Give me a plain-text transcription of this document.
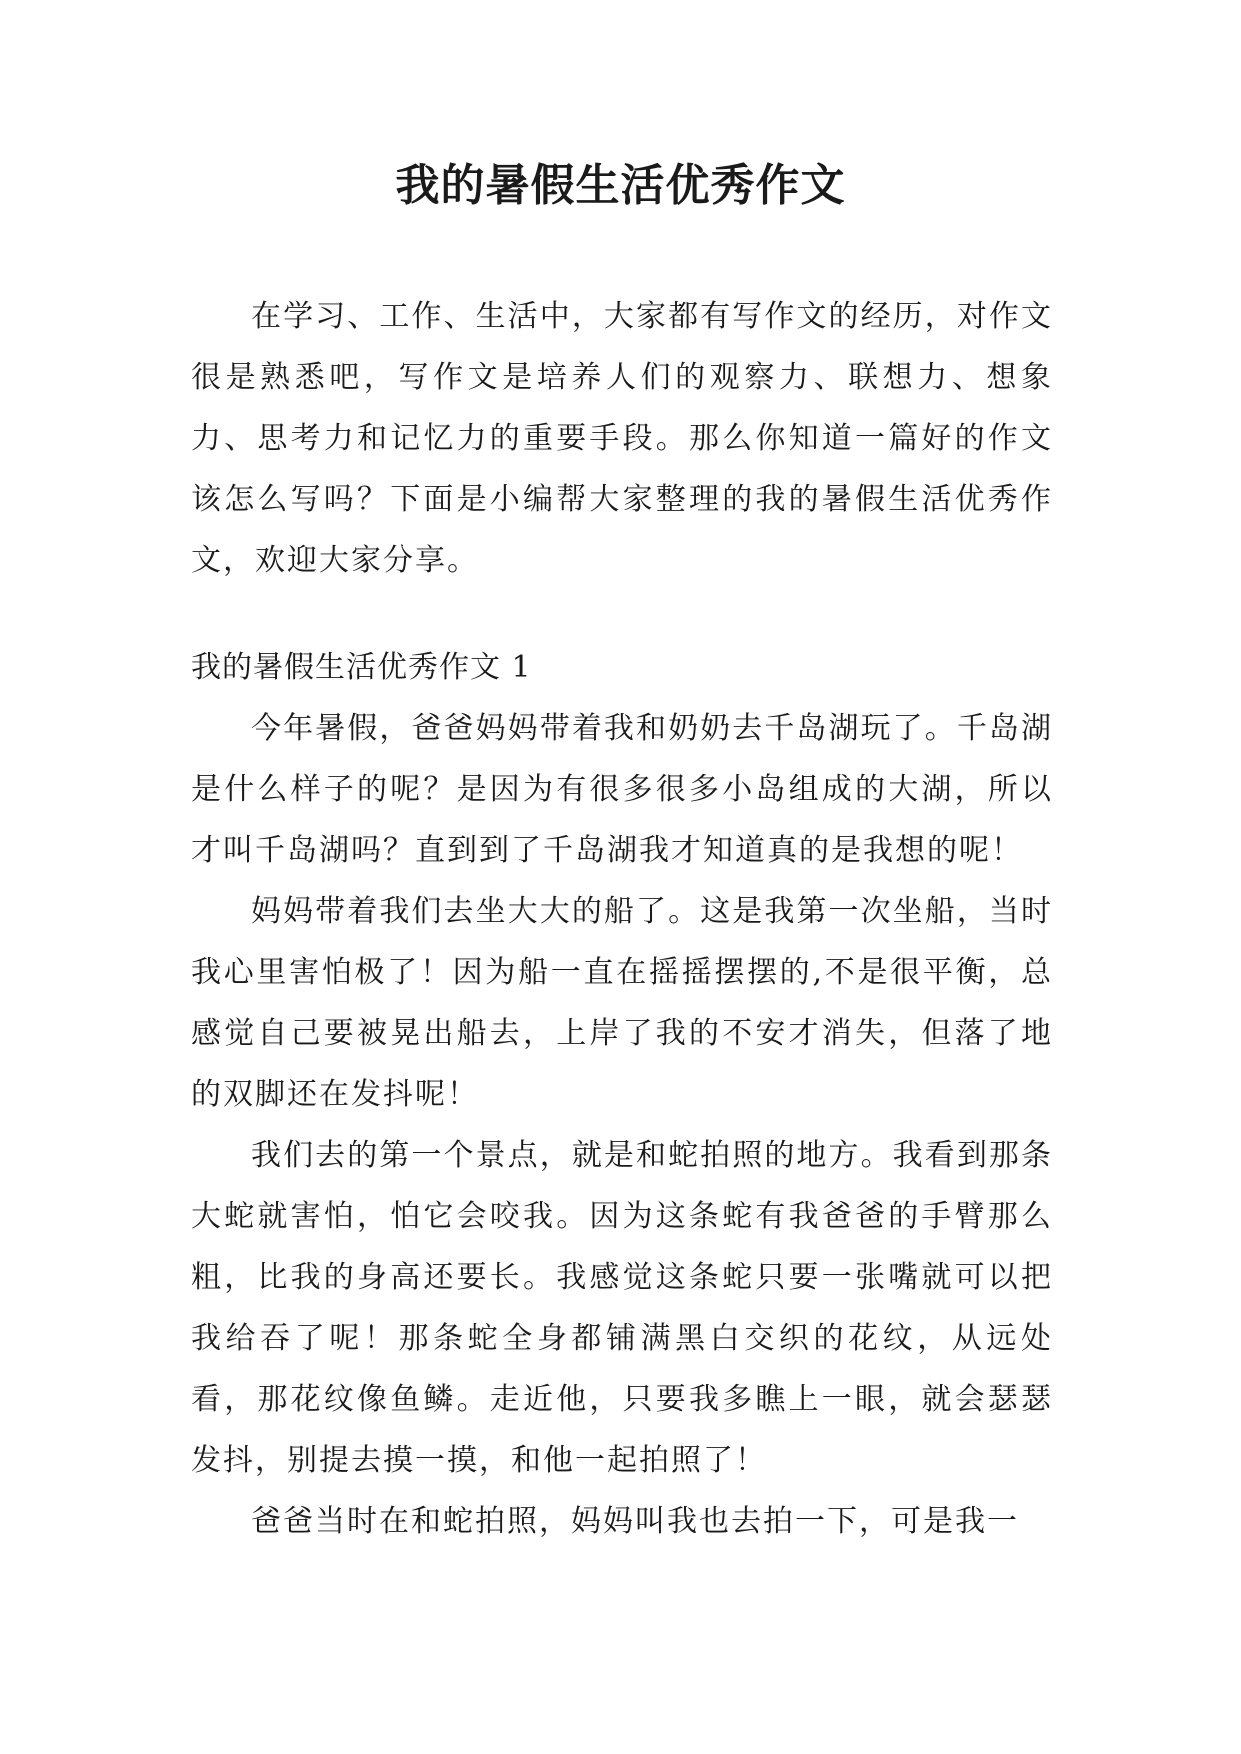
我的暑假生活优秀作文

在学习、工作、生活中，大家都有写作文的经历，对作文很是熟悉吧，写作文是培养人们的观察力、联想力、想象力、思考力和记忆力的重要手段。那么你知道一篇好的作文该怎么写吗？下面是小编帮大家整理的我的暑假生活优秀作文，欢迎大家分享。

我的暑假生活优秀作文 1

今年暑假，爸爸妈妈带着我和奶奶去千岛湖玩了。千岛湖是什么样子的呢？是因为有很多很多小岛组成的大湖，所以才叫千岛湖吗？直到到了千岛湖我才知道真的是我想的呢！

妈妈带着我们去坐大大的船了。这是我第一次坐船，当时我心里害怕极了！因为船一直在摇摇摆摆的,不是很平衡，总感觉自己要被晃出船去，上岸了我的不安才消失，但落了地的双脚还在发抖呢！

我们去的第一个景点，就是和蛇拍照的地方。我看到那条大蛇就害怕，怕它会咬我。因为这条蛇有我爸爸的手臂那么粗，比我的身高还要长。我感觉这条蛇只要一张嘴就可以把我给吞了呢！那条蛇全身都铺满黑白交织的花纹，从远处看，那花纹像鱼鳞。走近他，只要我多瞧上一眼，就会瑟瑟发抖，别提去摸一摸，和他一起拍照了！

爸爸当时在和蛇拍照，妈妈叫我也去拍一下，可是我一
